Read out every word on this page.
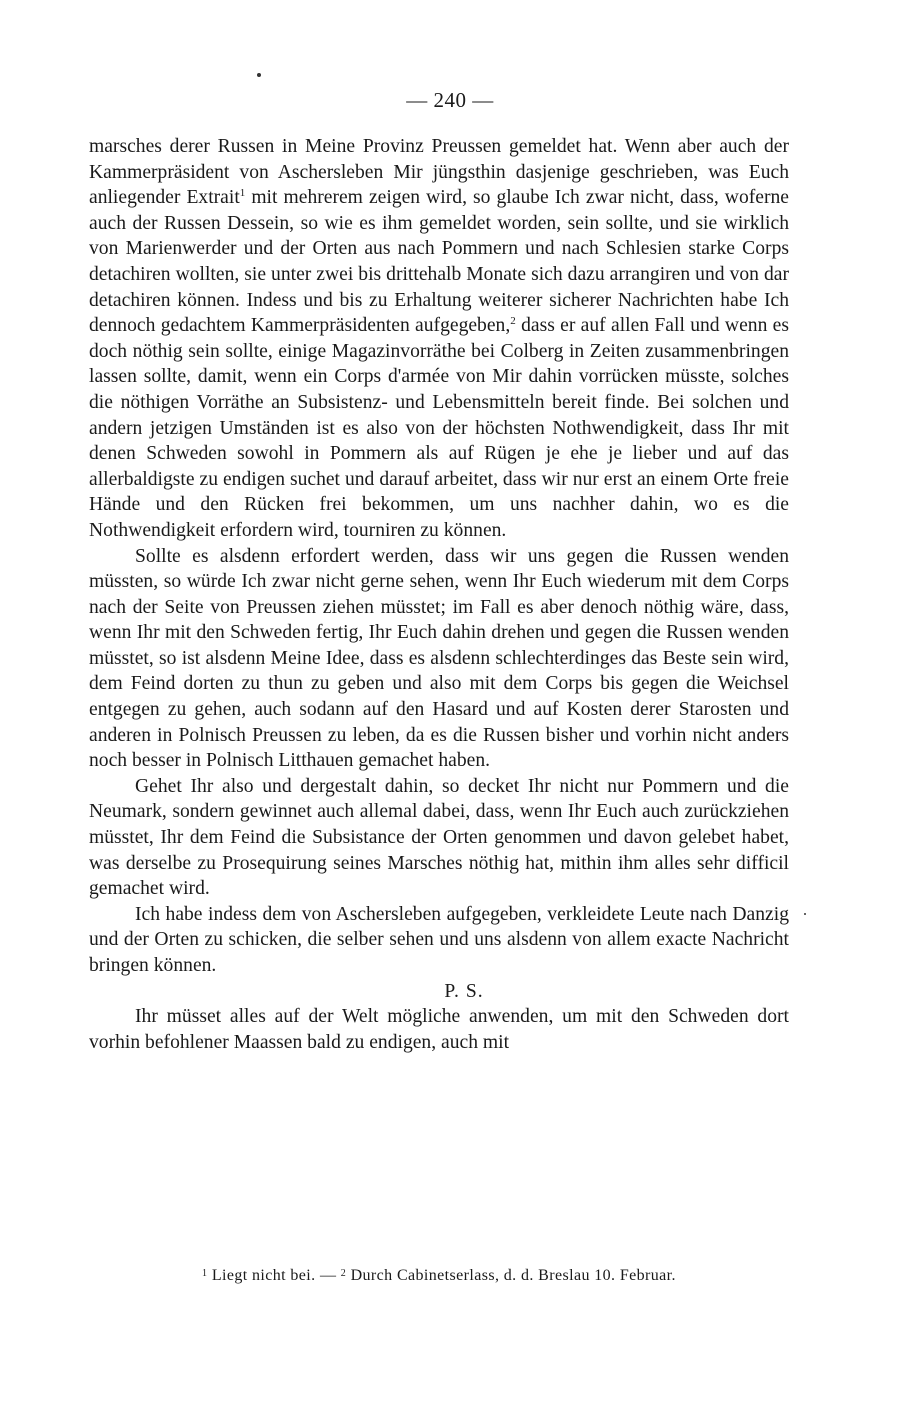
— 240 —

marsches derer Russen in Meine Provinz Preussen gemeldet hat. Wenn aber auch der Kammerpräsident von Aschersleben Mir jüngsthin dasjenige geschrieben, was Euch anliegender Extrait$^1$ mit mehrerem zeigen wird, so glaube Ich zwar nicht, dass, woferne auch der Russen Dessein, so wie es ihm gemeldet worden, sein sollte, und sie wirklich von Marienwerder und der Orten aus nach Pommern und nach Schlesien starke Corps detachiren wollten, sie unter zwei bis drittehalb Monate sich dazu arrangiren und von dar detachiren können. Indess und bis zu Erhaltung weiterer sicherer Nachrichten habe Ich dennoch gedachtem Kammerpräsidenten aufgegeben,$^2$ dass er auf allen Fall und wenn es doch nöthig sein sollte, einige Magazinvorräthe bei Colberg in Zeiten zusammenbringen lassen sollte, damit, wenn ein Corps d'armée von Mir dahin vorrücken müsste, solches die nöthigen Vorräthe an Subsistenz- und Lebensmitteln bereit finde. Bei solchen und andern jetzigen Umständen ist es also von der höchsten Nothwendigkeit, dass Ihr mit denen Schweden sowohl in Pommern als auf Rügen je ehe je lieber und auf das allerbaldigste zu endigen suchet und darauf arbeitet, dass wir nur erst an einem Orte freie Hände und den Rücken frei bekommen, um uns nachher dahin, wo es die Nothwendigkeit erfordern wird, tourniren zu können.

Sollte es alsdenn erfordert werden, dass wir uns gegen die Russen wenden müssten, so würde Ich zwar nicht gerne sehen, wenn Ihr Euch wiederum mit dem Corps nach der Seite von Preussen ziehen müsstet; im Fall es aber denoch nöthig wäre, dass, wenn Ihr mit den Schweden fertig, Ihr Euch dahin drehen und gegen die Russen wenden müsstet, so ist alsdenn Meine Idee, dass es alsdenn schlechterdinges das Beste sein wird, dem Feind dorten zu thun zu geben und also mit dem Corps bis gegen die Weichsel entgegen zu gehen, auch sodann auf den Hasard und auf Kosten derer Starosten und anderen in Polnisch Preussen zu leben, da es die Russen bisher und vorhin nicht anders noch besser in Polnisch Litthauen gemachet haben.

Gehet Ihr also und dergestalt dahin, so decket Ihr nicht nur Pommern und die Neumark, sondern gewinnet auch allemal dabei, dass, wenn Ihr Euch auch zurückziehen müsstet, Ihr dem Feind die Subsistance der Orten genommen und davon gelebet habet, was derselbe zu Prosequirung seines Marsches nöthig hat, mithin ihm alles sehr difficil gemachet wird.

Ich habe indess dem von Aschersleben aufgegeben, verkleidete Leute nach Danzig und der Orten zu schicken, die selber sehen und uns alsdenn von allem exacte Nachricht bringen können.

P. S.

Ihr müsset alles auf der Welt mögliche anwenden, um mit den Schweden dort vorhin befohlener Maassen bald zu endigen, auch mit

$^1$ Liegt nicht bei. — $^2$ Durch Cabinetserlass, d. d. Breslau 10. Februar.
